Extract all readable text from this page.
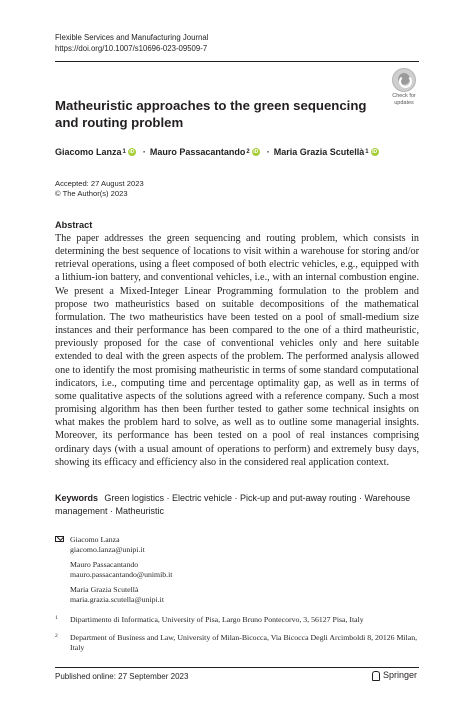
Flexible Services and Manufacturing Journal
https://doi.org/10.1007/s10696-023-09509-7
Check for
updates
Matheuristic approaches to the green sequencing and routing problem
Giacomo Lanza 1 iD · Mauro Passacantando 2 iD · Maria Grazia Scutellà 1 iD
Accepted: 27 August 2023
© The Author(s) 2023
Abstract

The paper addresses the green sequencing and routing problem, which consists in determining the best sequence of locations to visit within a warehouse for storing and/or retrieval operations, using a fleet composed of both electric vehicles, e.g., equipped with a lithium-ion battery, and conventional vehicles, i.e., with an internal combustion engine. We present a Mixed-Integer Linear Programming formulation to the problem and propose two matheuristics based on suitable decompositions of the mathematical formulation. The two matheuristics have been tested on a pool of small-medium size instances and their performance has been compared to the one of a third matheuristic, previously proposed for the case of conventional vehicles only and here suitable extended to deal with the green aspects of the problem. The performed analysis allowed one to identify the most promising matheuristic in terms of some standard computational indicators, i.e., computing time and percentage optimality gap, as well as in terms of some qualitative aspects of the solutions agreed with a reference company. Such a most promising algorithm has then been further tested to gather some technical insights on what makes the problem hard to solve, as well as to outline some managerial insights. Moreover, its performance has been tested on a pool of real instances comprising ordinary days (with a usual amount of operations to perform) and extremely busy days, showing its efficacy and efficiency also in the considered real application context.

Keywords Green logistics · Electric vehicle · Pick-up and put-away routing · Warehouse management · Matheuristic

Giacomo Lanza
giacomo.lanza@unipi.it
Mauro Passacantando
mauro.passacantando@unimib.it
Maria Grazia Scutellà
maria.grazia.scutella@unipi.it
1 Dipartimento di Informatica, University of Pisa, Largo Bruno Pontecorvo, 3, 56127 Pisa, Italy
2 Department of Business and Law, University of Milan-Bicocca, Via Bicocca Degli Arcimboldi 8, 20126 Milan, Italy
Published online: 27 September 2023	Springer
